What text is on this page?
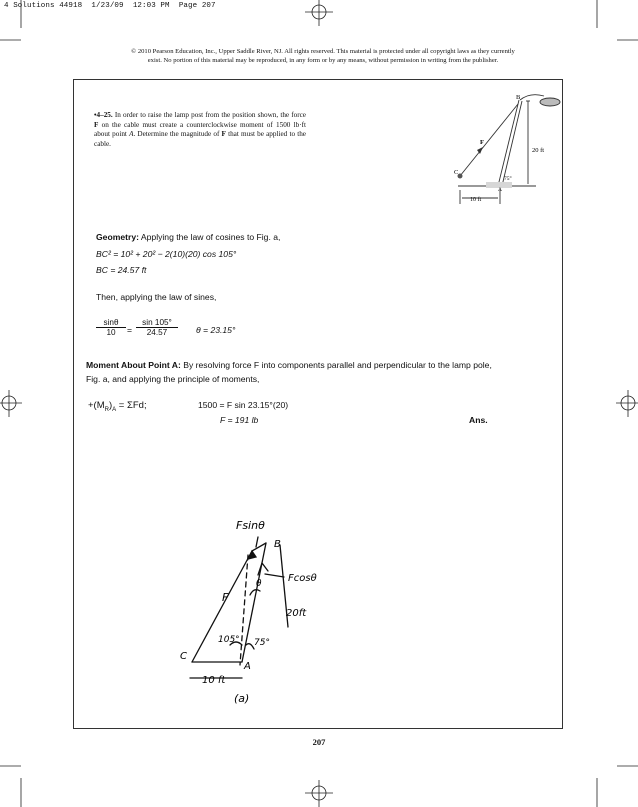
4 Solutions 44918  1/23/09  12:03 PM  Page 207
© 2010 Pearson Education, Inc., Upper Saddle River, NJ. All rights reserved. This material is protected under all copyright laws as they currently
exist. No portion of this material may be reproduced, in any form or by any means, without permission in writing from the publisher.
•4–25. In order to raise the lamp post from the position shown, the force F on the cable must create a counterclockwise moment of 1500 lb·ft about point A. Determine the magnitude of F that must be applied to the cable.
B
F
C
A
20 ft
75°
10 ft
Geometry: Applying the law of cosines to Fig. a,
BC² = 10² + 20² − 2(10)(20) cos 105°
BC = 24.57 ft
Then, applying the law of sines,
$\frac{\sin\theta}{10} = \frac{\sin 105^\circ}{24.57}$ θ = 23.15°
Moment About Point A: By resolving force F into components parallel and perpendicular to the lamp pole,
Fig. a, and applying the principle of moments,
$+(M_R)_A = \Sigma Fd$;	1500 = F sin 23.15°(20)
F = 191 lb	Ans.
Fsinθ
B
θ
F
Fcosθ
20ft
105° 75°
C
A
10 ft
(a)
207
